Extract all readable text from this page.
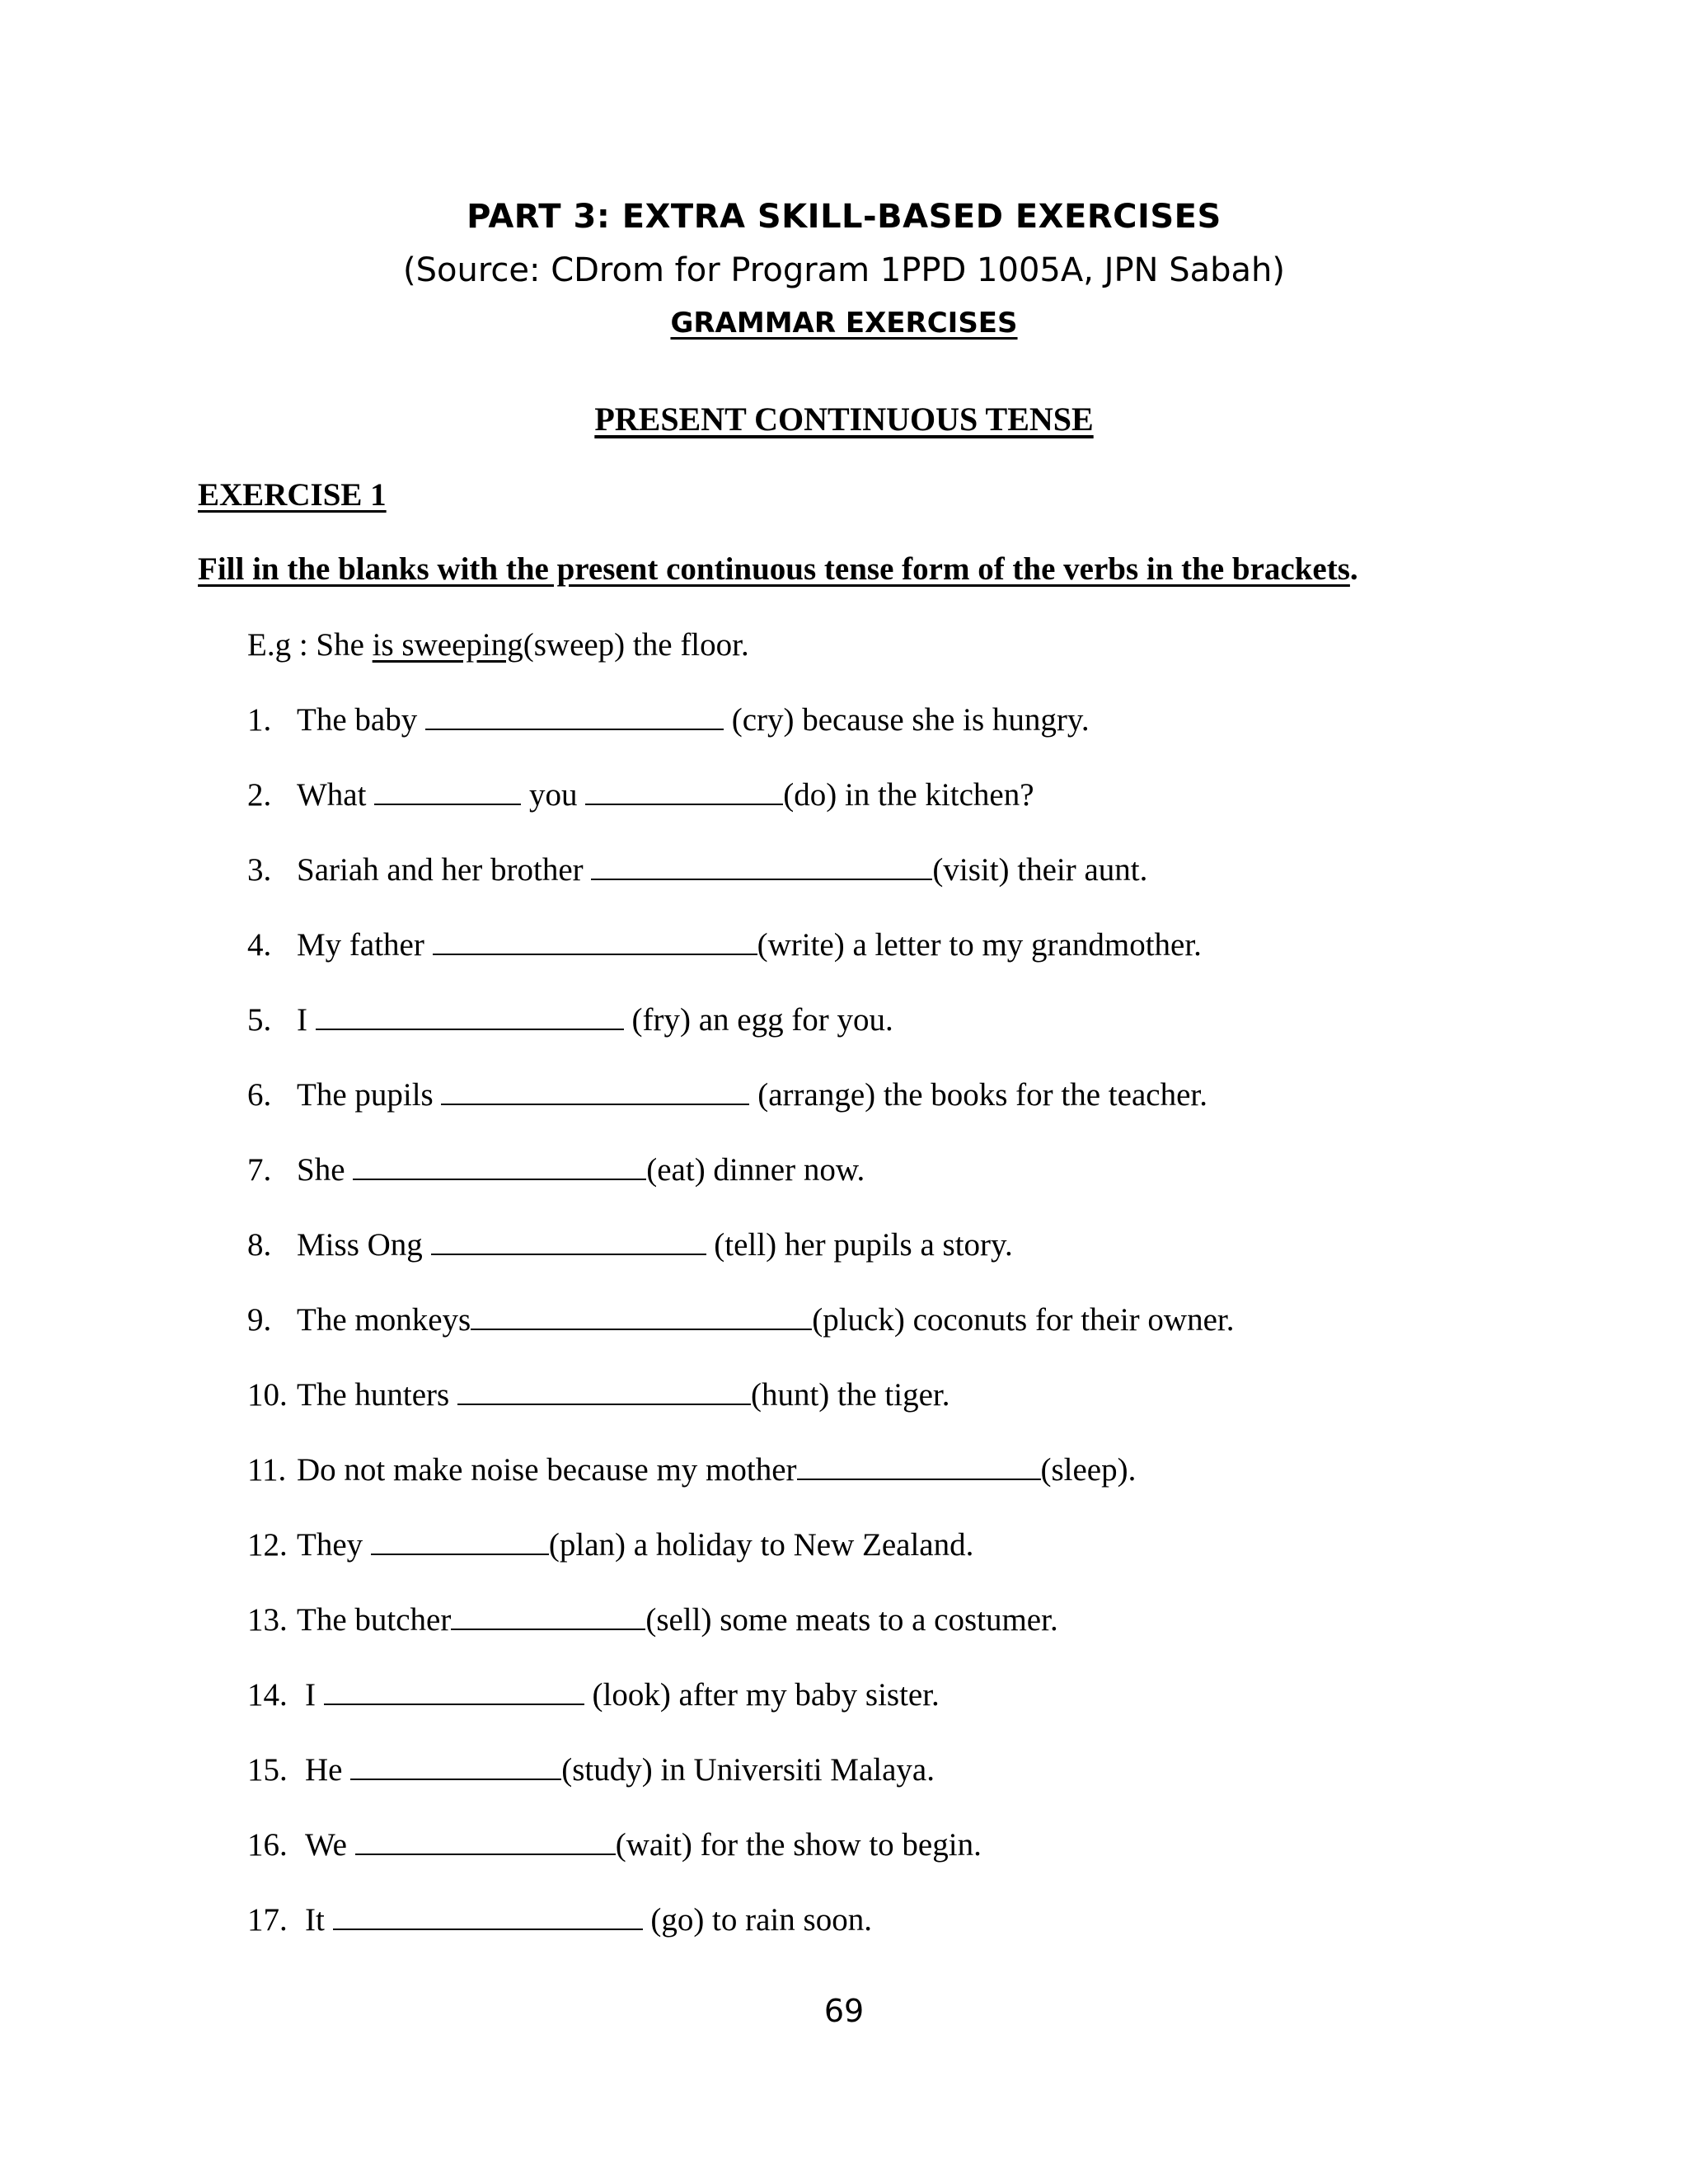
PART 3: EXTRA SKILL-BASED EXERCISES
(Source: CDrom for Program 1PPD 1005A, JPN Sabah)
GRAMMAR EXERCISES
PRESENT CONTINUOUS TENSE
EXERCISE 1
Fill in the blanks with the present continuous tense form of the verbs in the brackets.
E.g : She is sweeping(sweep) the floor.
1. The baby	(cry) because she is hungry.
2. What	you	(do) in the kitchen?
3. Sariah and her brother	(visit) their aunt.
4. My father	(write) a letter to my grandmother.
5. I	(fry) an egg for you.
6. The pupils	(arrange) the books for the teacher.
7. She	(eat) dinner now.
8. Miss Ong	(tell) her pupils a story.
9. The monkeys	(pluck) coconuts for their owner.
10. The hunters	(hunt) the tiger.
11. Do not make noise because my mother	(sleep).
12. They	(plan) a holiday to New Zealand.
13. The butcher	(sell) some meats to a costumer.
14. I	(look) after my baby sister.
15. He	(study) in Universiti Malaya.
16. We	(wait) for the show to begin.
17. It	(go) to rain soon.
69
